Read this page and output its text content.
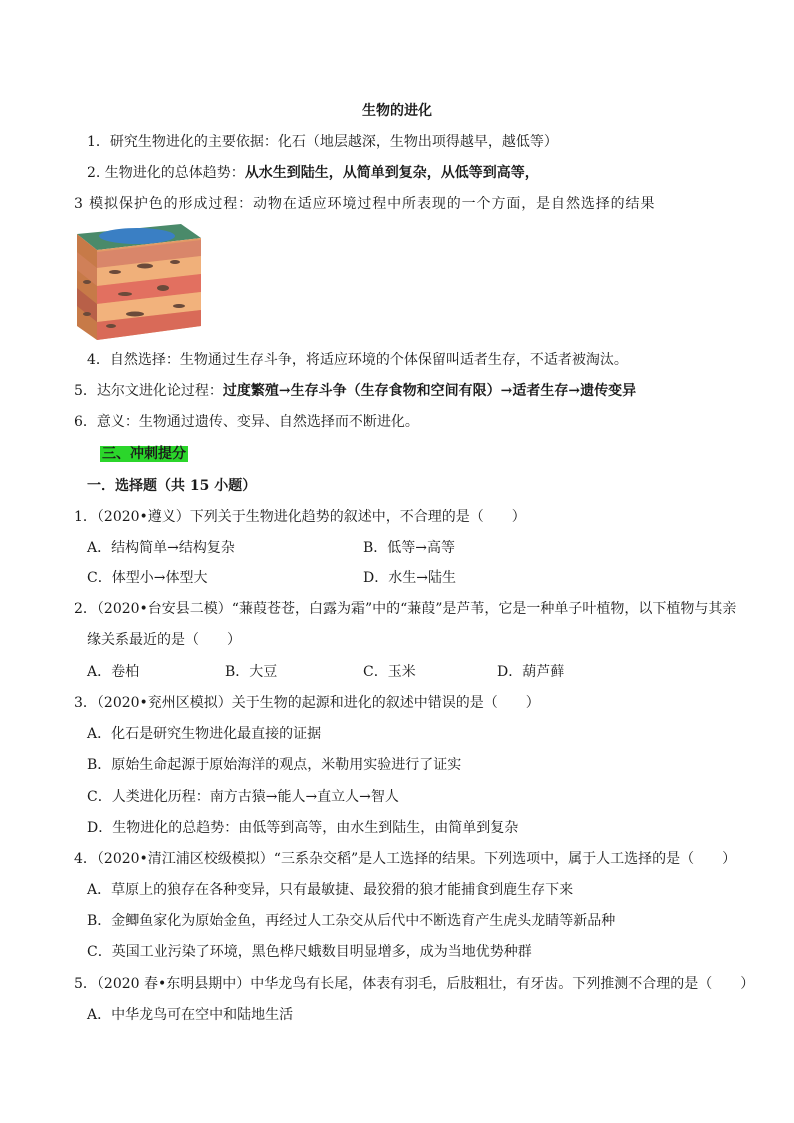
生物的进化
1．研究生物进化的主要依据：化石（地层越深，生物出项得越早，越低等）
2. 生物进化的总体趋势：从水生到陆生，从简单到复杂，从低等到高等，
3 模拟保护色的形成过程：动物在适应环境过程中所表现的一个方面，是自然选择的结果
4．自然选择：生物通过生存斗争，将适应环境的个体保留叫适者生存，不适者被淘汰。
5．达尔文进化论过程：过度繁殖→生存斗争（生存食物和空间有限）→适者生存→遗传变异
6．意义：生物通过遗传、变异、自然选择而不断进化。
三、冲刺提分
一．选择题（共 15 小题）
1．（2020•遵义）下列关于生物进化趋势的叙述中，不合理的是（　　）
A．结构简单→结构复杂	B．低等→高等
C．体型小→体型大	D．水生→陆生
2．（2020•台安县二模）“蒹葭苍苍，白露为霜”中的“蒹葭”是芦苇，它是一种单子叶植物，以下植物与其亲
缘关系最近的是（　　）
A．卷柏	B．大豆	C．玉米	D．葫芦藓
3．（2020•兖州区模拟）关于生物的起源和进化的叙述中错误的是（　　）
A．化石是研究生物进化最直接的证据
B．原始生命起源于原始海洋的观点，米勒用实验进行了证实
C．人类进化历程：南方古猿→能人→直立人→智人
D．生物进化的总趋势：由低等到高等，由水生到陆生，由简单到复杂
4．（2020•清江浦区校级模拟）“三系杂交稻”是人工选择的结果。下列选项中，属于人工选择的是（　　）
A．草原上的狼存在各种变异，只有最敏捷、最狡猾的狼才能捕食到鹿生存下来
B．金鲫鱼家化为原始金鱼，再经过人工杂交从后代中不断选育产生虎头龙睛等新品种
C．英国工业污染了环境，黑色桦尺蛾数目明显增多，成为当地优势种群
5．（2020 春•东明县期中）中华龙鸟有长尾，体表有羽毛，后肢粗壮，有牙齿。下列推测不合理的是（　　）
A．中华龙鸟可在空中和陆地生活
